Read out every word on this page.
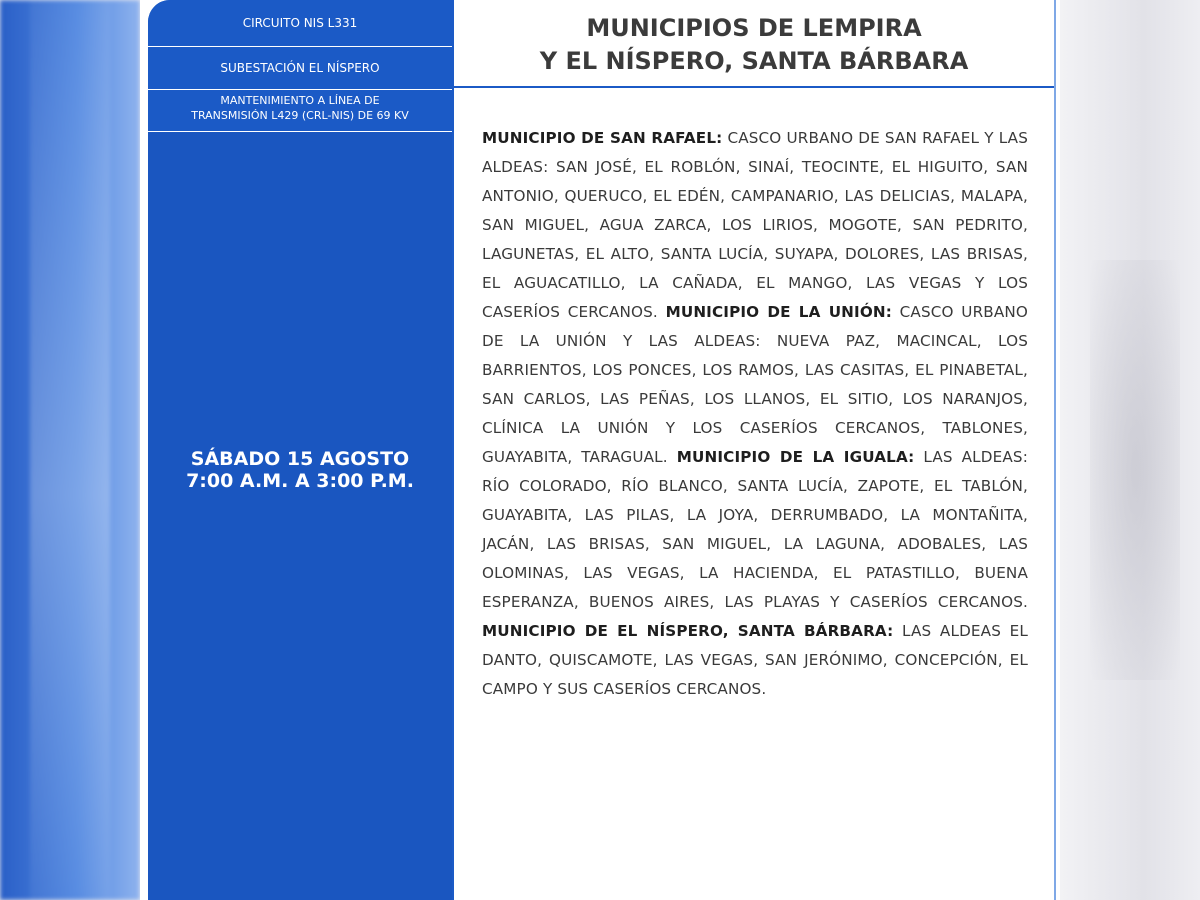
CIRCUITO NIS L331
SUBESTACIÓN EL NÍSPERO
MANTENIMIENTO A LÍNEA DE
TRANSMISIÓN L429 (CRL-NIS) DE 69 KV
SÁBADO 15 AGOSTO
7:00 A.M. A 3:00 P.M.
MUNICIPIOS DE LEMPIRA
Y EL NÍSPERO, SANTA BÁRBARA
MUNICIPIO DE SAN RAFAEL: CASCO URBANO DE SAN RAFAEL Y LAS ALDEAS: SAN JOSÉ, EL ROBLÓN, SINAÍ, TEOCINTE, EL HIGUITO, SAN ANTONIO, QUERUCO, EL EDÉN, CAMPANARIO, LAS DELICIAS, MALAPA, SAN MIGUEL, AGUA ZARCA, LOS LIRIOS, MOGOTE, SAN PEDRITO, LAGUNETAS, EL ALTO, SANTA LUCÍA, SUYAPA, DOLORES, LAS BRISAS, EL AGUACATILLO, LA CAÑADA, EL MANGO, LAS VEGAS Y LOS CASERÍOS CERCANOS. MUNICIPIO DE LA UNIÓN: CASCO URBANO DE LA UNIÓN Y LAS ALDEAS: NUEVA PAZ, MACINCAL, LOS BARRIENTOS, LOS PONCES, LOS RAMOS, LAS CASITAS, EL PINABETAL, SAN CARLOS, LAS PEÑAS, LOS LLANOS, EL SITIO, LOS NARANJOS, CLÍNICA LA UNIÓN Y LOS CASERÍOS CERCANOS, TABLONES, GUAYABITA, TARAGUAL. MUNICIPIO DE LA IGUALA: LAS ALDEAS: RÍO COLORADO, RÍO BLANCO, SANTA LUCÍA, ZAPOTE, EL TABLÓN, GUAYABITA, LAS PILAS, LA JOYA, DERRUMBADO, LA MONTAÑITA, JACÁN, LAS BRISAS, SAN MIGUEL, LA LAGUNA, ADOBALES, LAS OLOMINAS, LAS VEGAS, LA HACIENDA, EL PATASTILLO, BUENA ESPERANZA, BUENOS AIRES, LAS PLAYAS Y CASERÍOS CERCANOS. MUNICIPIO DE EL NÍSPERO, SANTA BÁRBARA: LAS ALDEAS EL DANTO, QUISCAMOTE, LAS VEGAS, SAN JERÓNIMO, CONCEPCIÓN, EL CAMPO Y SUS CASERÍOS CERCANOS.
